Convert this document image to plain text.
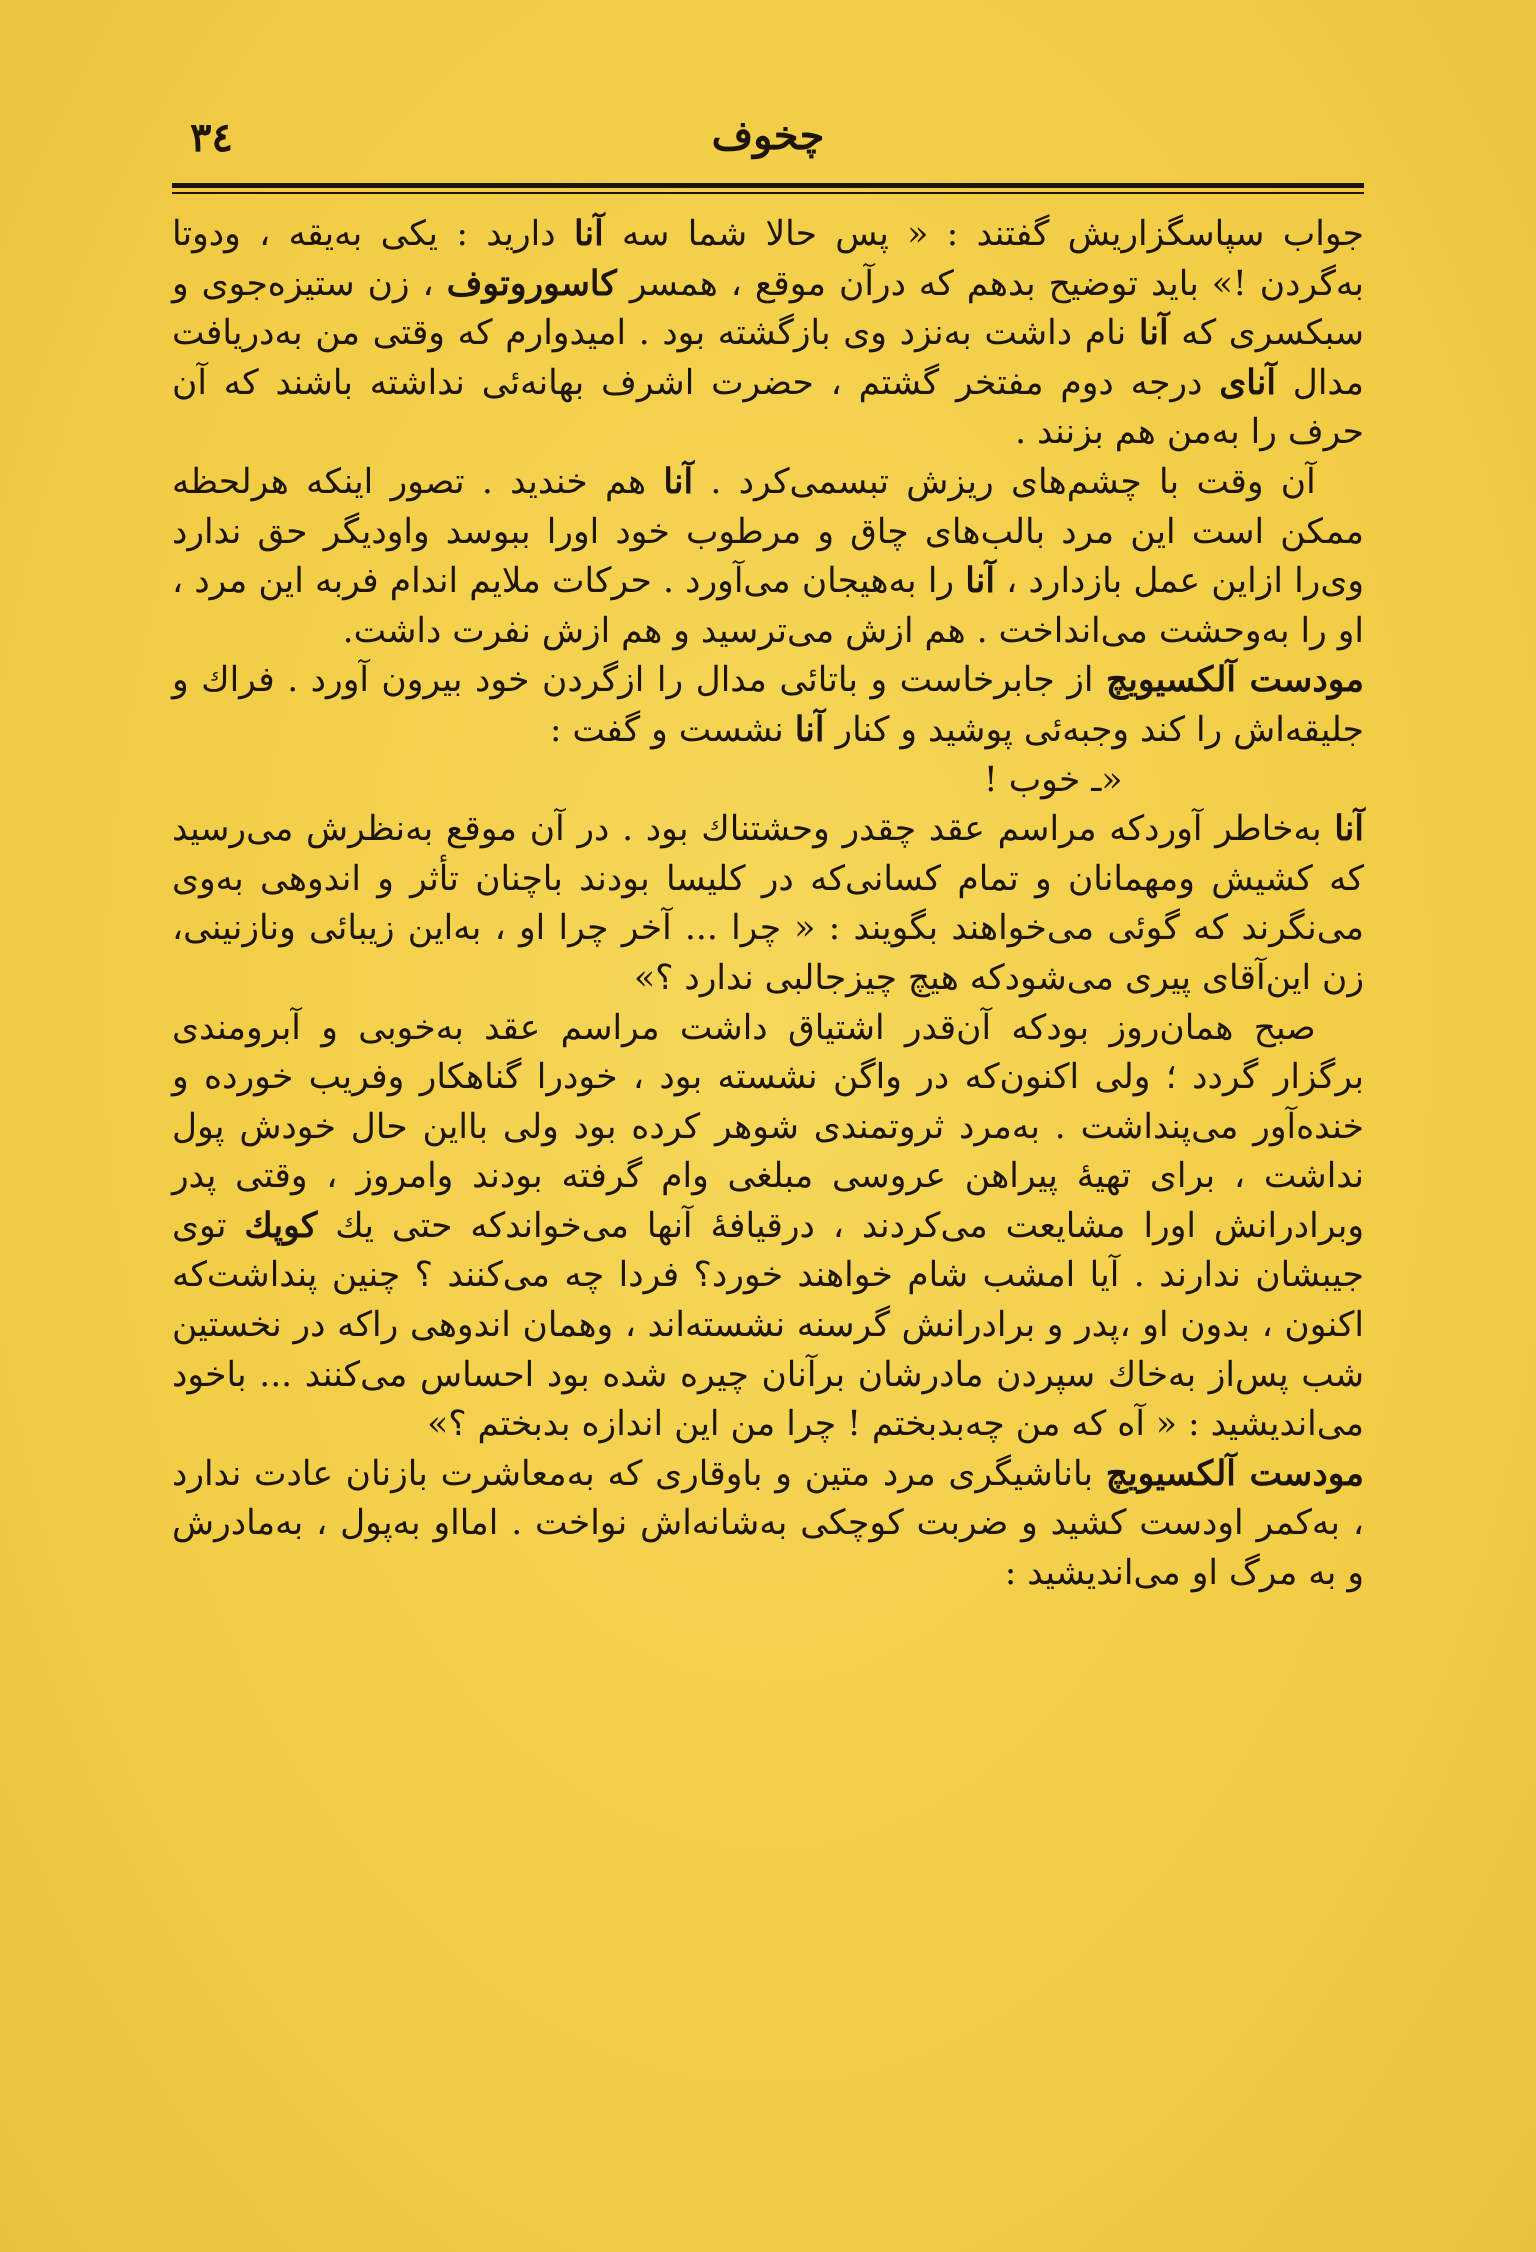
۳٤	چخوف

جواب سپاسگزاریش گفتند : « پس حالا شما سه آنا دارید : یکی به‌یقه ، ودوتا به‌گردن !» باید توضیح بدهم که درآن موقع ، همسر کاسوروتوف ، زن ستیزه‌جوی و سبکسری که آنا نام داشت به‌نزد وی بازگشته بود . امیدوارم که وقتی من به‌دریافت مدال آنای درجه دوم مفتخر گشتم ، حضرت اشرف بهانه‌ئی نداشته باشند که آن حرف را به‌من هم بزنند .

آن وقت با چشم‌های ریزش تبسمی‌کرد . آنا هم خندید . تصور اینکه هرلحظه ممکن است این مرد بالب‌های چاق و مرطوب خود اورا ببوسد واودیگر حق ندارد وی‌را ازاین عمل بازدارد ، آنا را به‌هیجان می‌آورد . حرکات ملایم اندام فربه این مرد ، او را به‌وحشت می‌انداخت . هم ازش می‌ترسید و هم ازش نفرت داشت.

مودست آلکسیویچ از جابرخاست و باتائی مدال را ازگردن خود بیرون آورد . فراك و جلیقه‌اش را کند وجبه‌ئی پوشید و کنار آنا نشست و گفت :

«ـ خوب !

آنا به‌خاطر آوردکه مراسم عقد چقدر وحشتناك بود . در آن موقع به‌نظرش می‌رسید که کشیش ومهمانان و تمام کسانی‌که در کلیسا بودند باچنان تأثر و اندوهی به‌وی می‌نگرند که گوئی می‌خواهند بگویند : « چرا ... آخر چرا او ، به‌این زیبائی ونازنینی، زن این‌آقای پیری می‌شودکه هیچ چیزجالبی ندارد ؟»

صبح همان‌روز بودکه آن‌قدر اشتیاق داشت مراسم عقد به‌خوبی و آبرومندی برگزار گردد ؛ ولی اکنون‌که در واگن نشسته بود ، خودرا گناهکار وفریب خورده و خنده‌آور می‌پنداشت . به‌مرد ثروتمندی شوهر کرده بود ولی بااین حال خودش پول نداشت ، برای تهیهٔ پیراهن عروسی مبلغی وام گرفته بودند وامروز ، وقتی پدر وبرادرانش اورا مشایعت می‌کردند ، درقیافهٔ آنها می‌خواندکه حتی یك کوپك توی جیبشان ندارند . آیا امشب شام خواهند خورد؟ فردا چه می‌کنند ؟ چنین پنداشت‌که اکنون ، بدون او ،پدر و برادرانش گرسنه نشسته‌اند ، وهمان اندوهی راکه در نخستین شب پس‌از به‌خاك سپردن مادرشان برآنان چیره شده بود احساس می‌کنند ... باخود می‌اندیشید : « آه که من چه‌بدبختم ! چرا من این اندازه بدبختم ؟»

مودست آلکسیویچ باناشیگری مرد متین و باوقاری که به‌معاشرت بازنان عادت ندارد ، به‌کمر اودست کشید و ضربت کوچکی به‌شانه‌اش نواخت . امااو به‌پول ، به‌مادرش و به مرگ او می‌اندیشید :
